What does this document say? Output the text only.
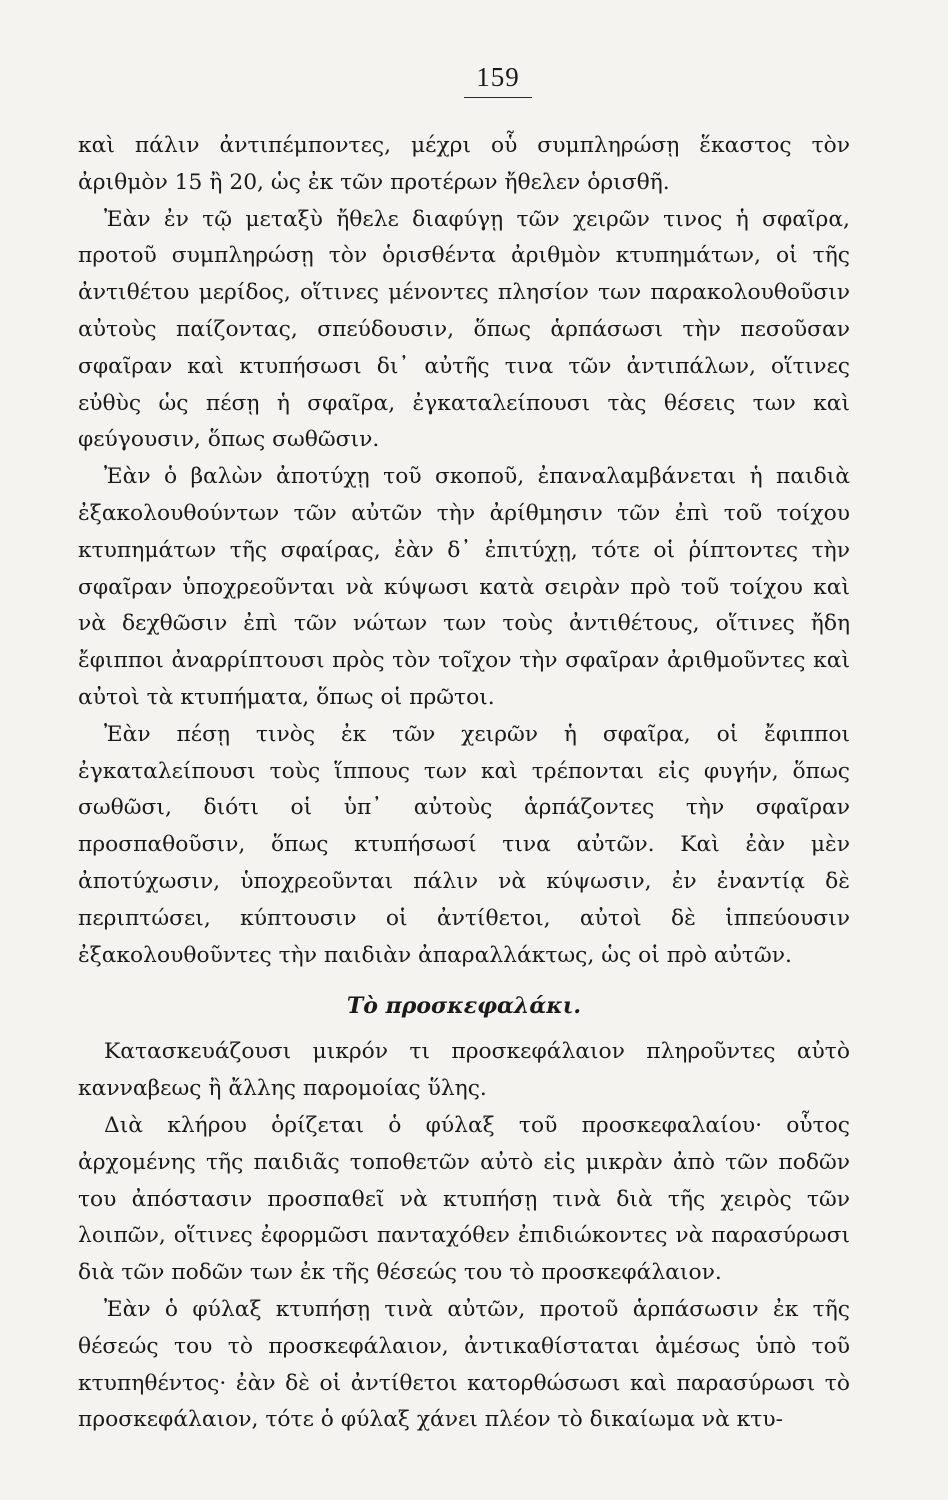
159

καὶ πάλιν ἀντιπέμποντες, μέχρι οὗ συμπληρώσῃ ἕκαστος τὸν ἀριθμὸν 15 ἢ 20, ὡς ἐκ τῶν προτέρων ἤθελεν ὁρισθῆ.

Ἐὰν ἐν τῷ μεταξὺ ἤθελε διαφύγῃ τῶν χειρῶν τινος ἡ σφαῖρα, προτοῦ συμπληρώσῃ τὸν ὁρισθέντα ἀριθμὸν κτυπημάτων, οἱ τῆς ἀντιθέτου μερίδος, οἵτινες μένοντες πλησίον των παρακολουθοῦσιν αὐτοὺς παίζοντας, σπεύδουσιν, ὅπως ἁρπάσωσι τὴν πεσοῦσαν σφαῖραν καὶ κτυπήσωσι δι᾿ αὐτῆς τινα τῶν ἀντιπάλων, οἵτινες εὐθὺς ὡς πέσῃ ἡ σφαῖρα, ἐγκαταλείπουσι τὰς θέσεις των καὶ φεύγουσιν, ὅπως σωθῶσιν.

Ἐὰν ὁ βαλὼν ἀποτύχῃ τοῦ σκοποῦ, ἐπαναλαμβάνεται ἡ παιδιὰ ἐξακολουθούντων τῶν αὐτῶν τὴν ἀρίθμησιν τῶν ἐπὶ τοῦ τοίχου κτυπημάτων τῆς σφαίρας, ἐὰν δ᾿ ἐπιτύχῃ, τότε οἱ ῥίπτοντες τὴν σφαῖραν ὑποχρεοῦνται νὰ κύψωσι κατὰ σειρὰν πρὸ τοῦ τοίχου καὶ νὰ δεχθῶσιν ἐπὶ τῶν νώτων των τοὺς ἀντιθέτους, οἵτινες ἤδη ἔφιπποι ἀναρρίπτουσι πρὸς τὸν τοῖχον τὴν σφαῖραν ἀριθμοῦντες καὶ αὐτοὶ τὰ κτυπήματα, ὅπως οἱ πρῶτοι.

Ἐὰν πέσῃ τινὸς ἐκ τῶν χειρῶν ἡ σφαῖρα, οἱ ἔφιπποι ἐγκαταλείπουσι τοὺς ἵππους των καὶ τρέπονται εἰς φυγήν, ὅπως σωθῶσι, διότι οἱ ὑπ᾿ αὐτοὺς ἁρπάζοντες τὴν σφαῖραν προσπαθοῦσιν, ὅπως κτυπήσωσί τινα αὐτῶν. Καὶ ἐὰν μὲν ἀποτύχωσιν, ὑποχρεοῦνται πάλιν νὰ κύψωσιν, ἐν ἐναντίᾳ δὲ περιπτώσει, κύπτουσιν οἱ ἀντίθετοι, αὐτοὶ δὲ ἱππεύουσιν ἐξακολουθοῦντες τὴν παιδιὰν ἀπαραλλάκτως, ὡς οἱ πρὸ αὐτῶν.

Τὸ προσκεφαλάκι.

Κατασκευάζουσι μικρόν τι προσκεφάλαιον πληροῦντες αὐτὸ κανναβεως ἢ ἄλλης παρομοίας ὕλης.

Διὰ κλήρου ὁρίζεται ὁ φύλαξ τοῦ προσκεφαλαίου· οὗτος ἀρχομένης τῆς παιδιᾶς τοποθετῶν αὐτὸ εἰς μικρὰν ἀπὸ τῶν ποδῶν του ἀπόστασιν προσπαθεῖ νὰ κτυπήσῃ τινὰ διὰ τῆς χειρὸς τῶν λοιπῶν, οἵτινες ἐφορμῶσι πανταχόθεν ἐπιδιώκοντες νὰ παρασύρωσι διὰ τῶν ποδῶν των ἐκ τῆς θέσεώς του τὸ προσκεφάλαιον.

Ἐὰν ὁ φύλαξ κτυπήσῃ τινὰ αὐτῶν, προτοῦ ἁρπάσωσιν ἐκ τῆς θέσεώς του τὸ προσκεφάλαιον, ἀντικαθίσταται ἀμέσως ὑπὸ τοῦ κτυπηθέντος· ἐὰν δὲ οἱ ἀντίθετοι κατορθώσωσι καὶ παρασύρωσι τὸ προσκεφάλαιον, τότε ὁ φύλαξ χάνει πλέον τὸ δικαίωμα νὰ κτυ-
